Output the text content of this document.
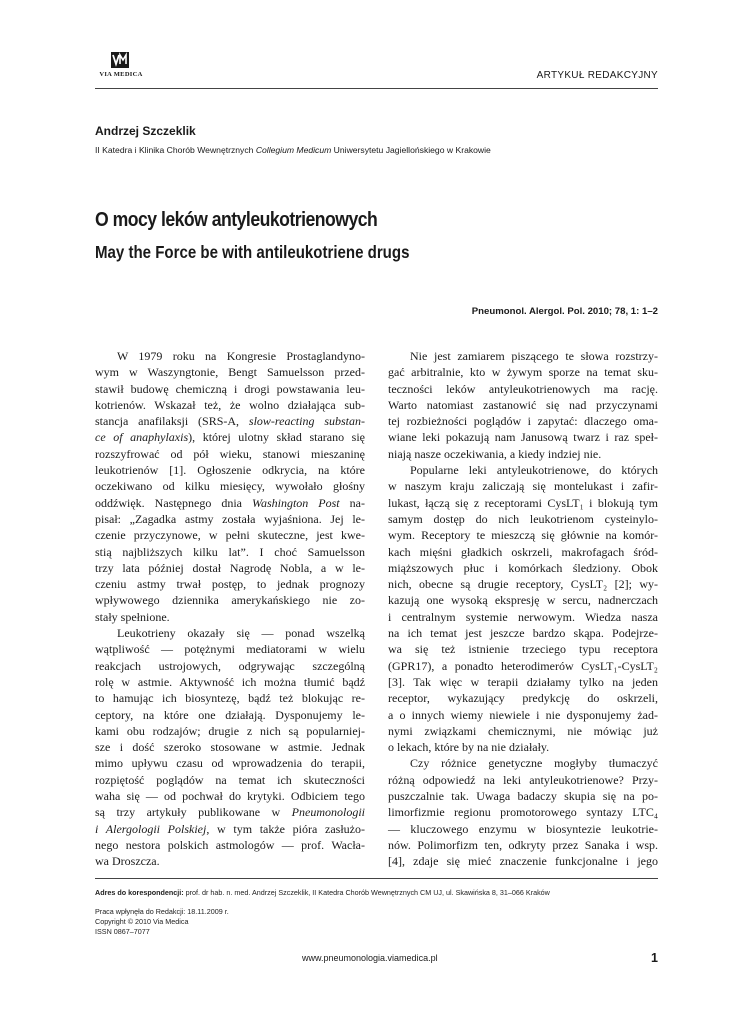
VIA MEDICA	ARTYKUŁ REDAKCYJNY
Andrzej Szczeklik
II Katedra i Klinika Chorób Wewnętrznych Collegium Medicum Uniwersytetu Jagiellońskiego w Krakowie
O mocy leków antyleukotrienowych
May the Force be with antileukotriene drugs
Pneumonol. Alergol. Pol. 2010; 78, 1: 1–2
W 1979 roku na Kongresie Prostaglandyno-
wym w Waszyngtonie, Bengt Samuelsson przed-
stawił budowę chemiczną i drogi powstawania leu-
kotrienów. Wskazał też, że wolno działająca sub-
stancja anafilaksji (SRS-A, slow-reacting substan-
ce of anaphylaxis), której ulotny skład starano się
rozszyfrować od pół wieku, stanowi mieszaninę
leukotrienów [1]. Ogłoszenie odkrycia, na które
oczekiwano od kilku miesięcy, wywołało głośny
oddźwięk. Następnego dnia Washington Post na-
pisał: „Zagadka astmy została wyjaśniona. Jej le-
czenie przyczynowe, w pełni skuteczne, jest kwe-
stią najbliższych kilku lat”. I choć Samuelsson
trzy lata później dostał Nagrodę Nobla, a w le-
czeniu astmy trwał postęp, to jednak prognozy
wpływowego dziennika amerykańskiego nie zo-
stały spełnione.
Leukotrieny okazały się — ponad wszelką
wątpliwość — potężnymi mediatorami w wielu
reakcjach ustrojowych, odgrywając szczególną
rolę w astmie. Aktywność ich można tłumić bądź
to hamując ich biosyntezę, bądź też blokując re-
ceptory, na które one działają. Dysponujemy le-
kami obu rodzajów; drugie z nich są popularniej-
sze i dość szeroko stosowane w astmie. Jednak
mimo upływu czasu od wprowadzenia do terapii,
rozpiętość poglądów na temat ich skuteczności
waha się — od pochwał do krytyki. Odbiciem tego
są trzy artykuły publikowane w Pneumonologii
i Alergologii Polskiej, w tym także pióra zasłużo-
nego nestora polskich astmologów — prof. Wacła-
wa Droszcza.
Nie jest zamiarem piszącego te słowa rozstrzy-
gać arbitralnie, kto w żywym sporze na temat sku-
teczności leków antyleukotrienowych ma rację.
Warto natomiast zastanowić się nad przyczynami
tej rozbieżności poglądów i zapytać: dlaczego oma-
wiane leki pokazują nam Janusową twarz i raz speł-
niają nasze oczekiwania, a kiedy indziej nie.
Popularne leki antyleukotrienowe, do których
w naszym kraju zaliczają się montelukast i zafir-
lukast, łączą się z receptorami CysLT₁ i blokują tym
samym dostęp do nich leukotrienom cysteinylo-
wym. Receptory te mieszczą się głównie na komór-
kach mięśni gładkich oskrzeli, makrofagach śród-
miąższowych płuc i komórkach śledziony. Obok
nich, obecne są drugie receptory, CysLT₂ [2]; wy-
kazują one wysoką ekspresję w sercu, nadnerczach
i centralnym systemie nerwowym. Wiedza nasza
na ich temat jest jeszcze bardzo skąpa. Podejrze-
wa się też istnienie trzeciego typu receptora
(GPR17), a ponadto heterodimerów CysLT₁-CysLT₂
[3]. Tak więc w terapii działamy tylko na jeden
receptor, wykazujący predykcję do oskrzeli,
a o innych wiemy niewiele i nie dysponujemy żad-
nymi związkami chemicznymi, nie mówiąc już
o lekach, które by na nie działały.
Czy różnice genetyczne mogłyby tłumaczyć
różną odpowiedź na leki antyleukotrienowe? Przy-
puszczalnie tak. Uwaga badaczy skupia się na po-
limorfizmie regionu promotorowego syntazy LTC₄
— kluczowego enzymu w biosyntezie leukotrie-
nów. Polimorfizm ten, odkryty przez Sanaka i wsp.
[4], zdaje się mieć znaczenie funkcjonalne i jego
Adres do korespondencji: prof. dr hab. n. med. Andrzej Szczeklik, II Katedra Chorób Wewnętrznych CM UJ, ul. Skawińska 8, 31–066 Kraków
Praca wpłynęła do Redakcji: 18.11.2009 r.
Copyright © 2010 Via Medica
ISSN 0867–7077
www.pneumonologia.viamedica.pl	1
